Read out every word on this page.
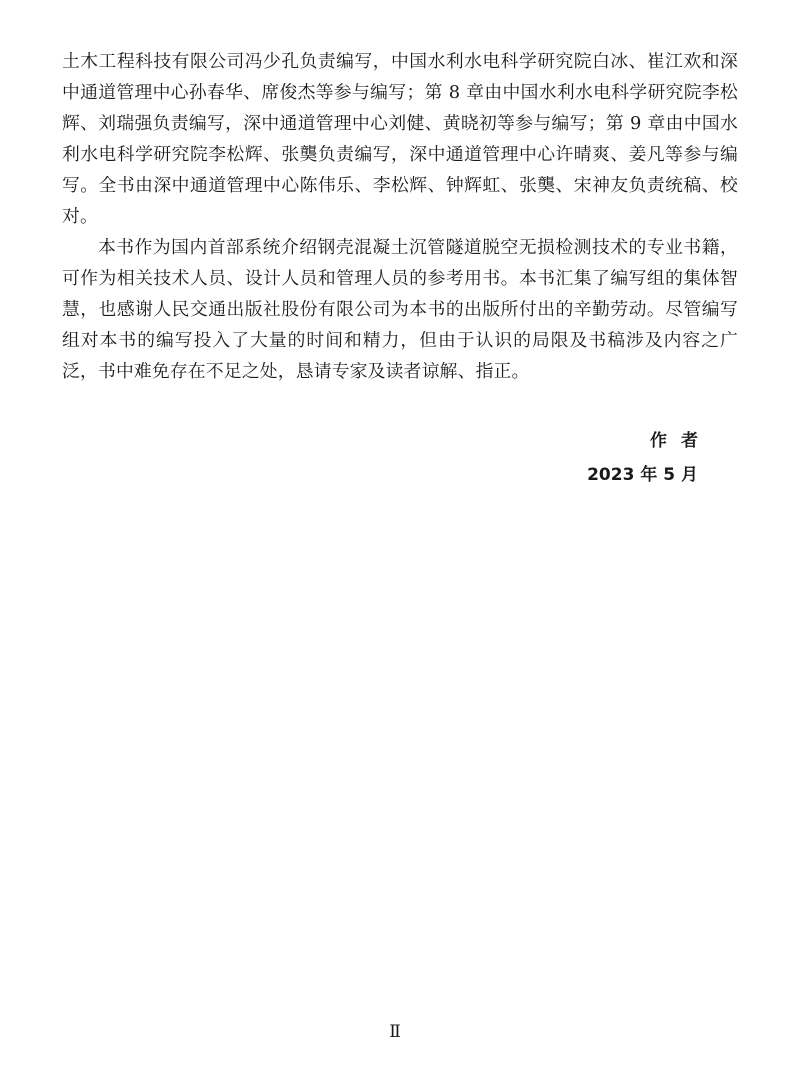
土木工程科技有限公司冯少孔负责编写，中国水利水电科学研究院白冰、崔江欢和深中通道管理中心孙春华、席俊杰等参与编写；第 8 章由中国水利水电科学研究院李松辉、刘瑞强负责编写，深中通道管理中心刘健、黄晓初等参与编写；第 9 章由中国水利水电科学研究院李松辉、张龑负责编写，深中通道管理中心许晴爽、姜凡等参与编写。全书由深中通道管理中心陈伟乐、李松辉、钟辉虹、张龑、宋神友负责统稿、校对。

本书作为国内首部系统介绍钢壳混凝土沉管隧道脱空无损检测技术的专业书籍，可作为相关技术人员、设计人员和管理人员的参考用书。本书汇集了编写组的集体智慧，也感谢人民交通出版社股份有限公司为本书的出版所付出的辛勤劳动。尽管编写组对本书的编写投入了大量的时间和精力，但由于认识的局限及书稿涉及内容之广泛，书中难免存在不足之处，恳请专家及读者谅解、指正。

作者
2023 年 5 月
Ⅱ
